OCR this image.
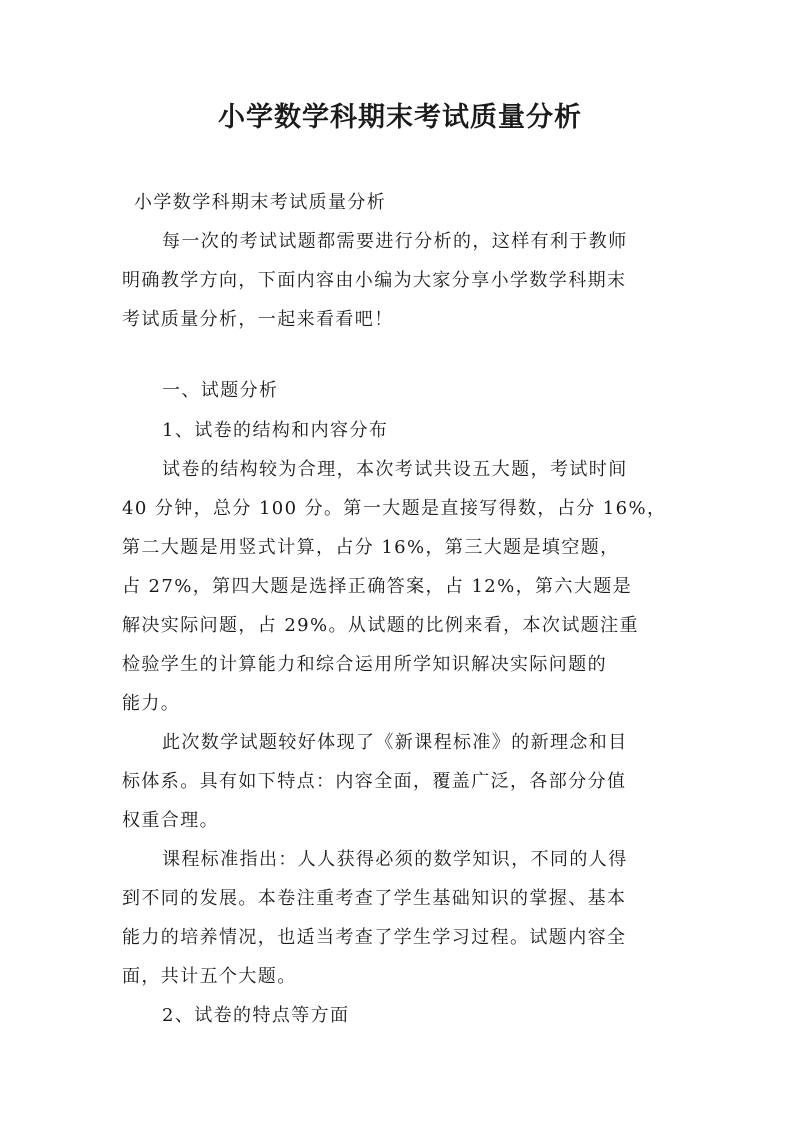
小学数学科期末考试质量分析
小学数学科期末考试质量分析
每一次的考试试题都需要进行分析的，这样有利于教师
明确教学方向，下面内容由小编为大家分享小学数学科期末
考试质量分析，一起来看看吧！
一、试题分析
1、试卷的结构和内容分布
试卷的结构较为合理，本次考试共设五大题，考试时间
40 分钟，总分 100 分。第一大题是直接写得数，占分 16%，
第二大题是用竖式计算，占分 16%，第三大题是填空题，
占 27%，第四大题是选择正确答案，占 12%，第六大题是
解决实际问题，占 29%。从试题的比例来看，本次试题注重
检验学生的计算能力和综合运用所学知识解决实际问题的
能力。
此次数学试题较好体现了《新课程标准》的新理念和目
标体系。具有如下特点：内容全面，覆盖广泛，各部分分值
权重合理。
课程标准指出：人人获得必须的数学知识，不同的人得
到不同的发展。本卷注重考查了学生基础知识的掌握、基本
能力的培养情况，也适当考查了学生学习过程。试题内容全
面，共计五个大题。
2、试卷的特点等方面
